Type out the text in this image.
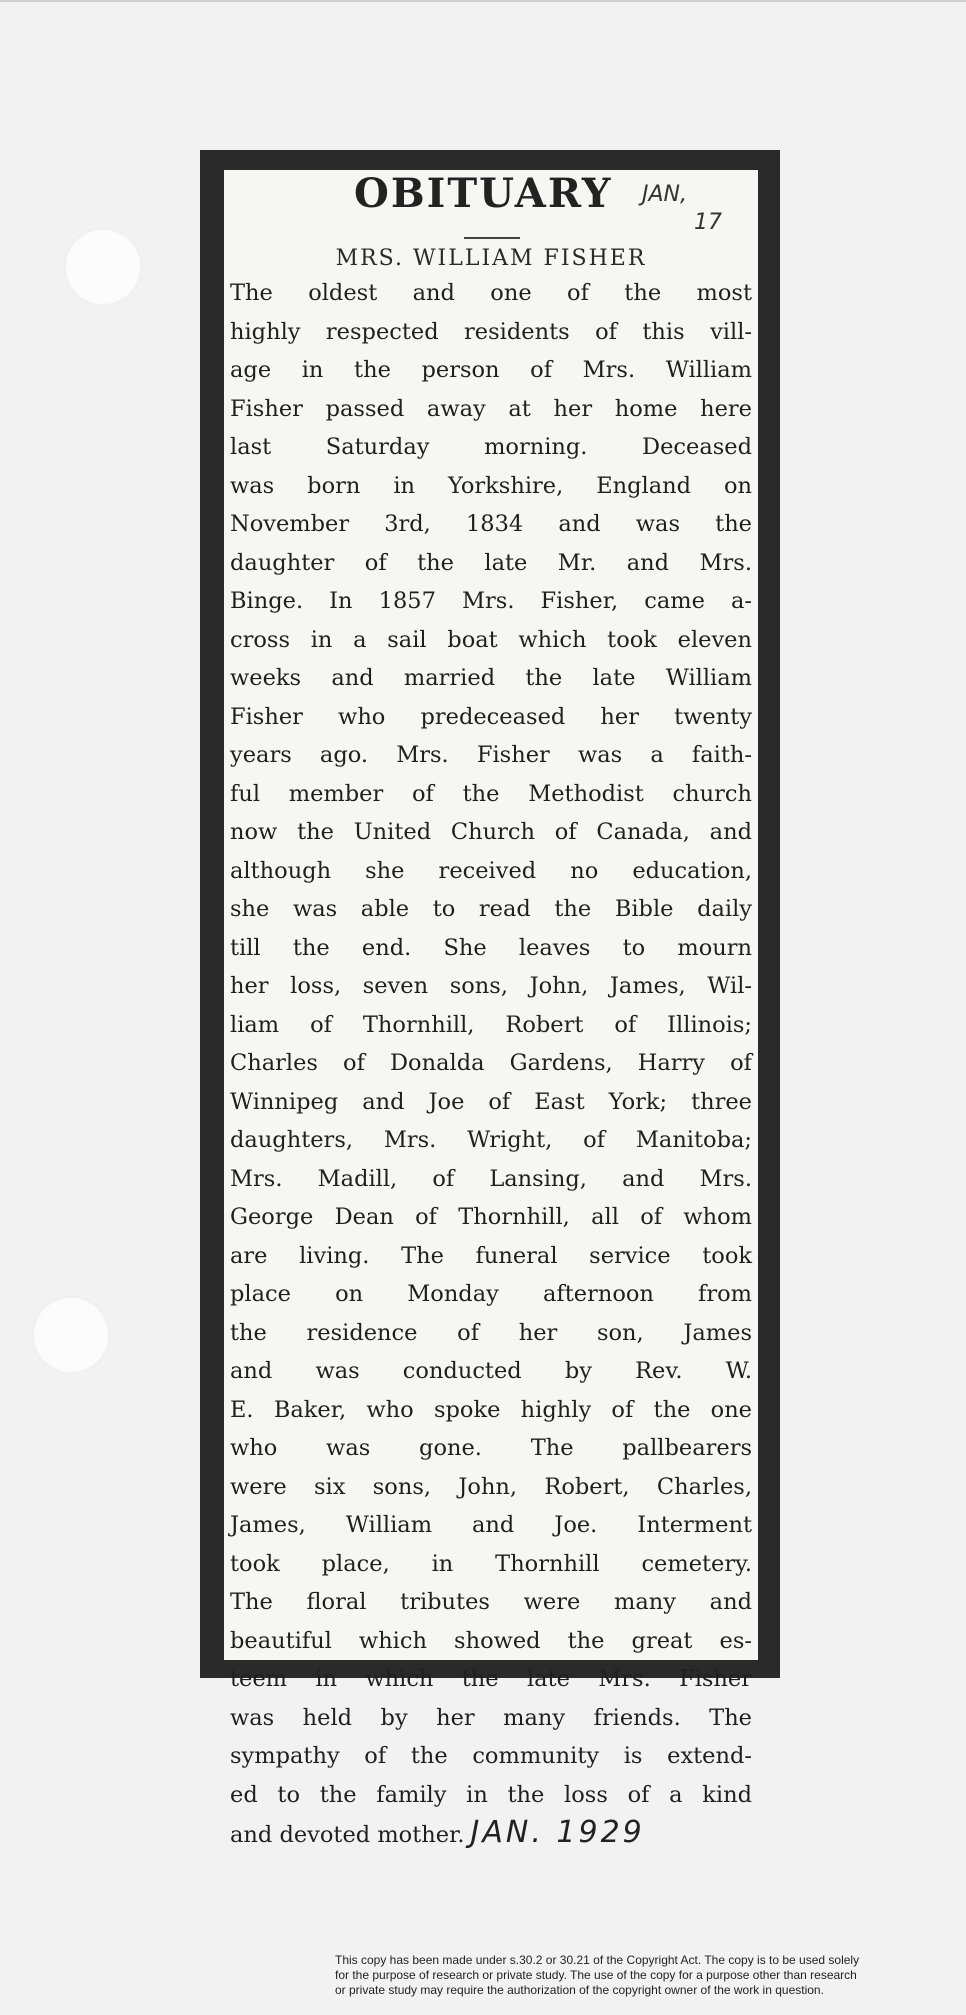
OBITUARY	JAN,
17
MRS. WILLIAM FISHER
The oldest and one of the most
highly respected residents of this vill-
age in the person of Mrs. William
Fisher passed away at her home here
last Saturday morning. Deceased
was born in Yorkshire, England on
November 3rd, 1834 and was the
daughter of the late Mr. and Mrs.
Binge. In 1857 Mrs. Fisher, came a-
cross in a sail boat which took eleven
weeks and married the late William
Fisher who predeceased her twenty
years ago. Mrs. Fisher was a faith-
ful member of the Methodist church
now the United Church of Canada, and
although she received no education,
she was able to read the Bible daily
till the end. She leaves to mourn
her loss, seven sons, John, James, Wil-
liam of Thornhill, Robert of Illinois;
Charles of Donalda Gardens, Harry of
Winnipeg and Joe of East York; three
daughters, Mrs. Wright, of Manitoba;
Mrs. Madill, of Lansing, and Mrs.
George Dean of Thornhill, all of whom
are living. The funeral service took
place on Monday afternoon from
the residence of her son, James
and was conducted by Rev. W.
E. Baker, who spoke highly of the one
who was gone. The pallbearers
were six sons, John, Robert, Charles,
James, William and Joe. Interment
took place, in Thornhill cemetery.
The floral tributes were many and
beautiful which showed the great es-
teem in which the late Mrs. Fisher
was held by her many friends. The
sympathy of the community is extend-
ed to the family in the loss of a kind
and devoted mother. JAN. 1929
This copy has been made under s.30.2 or 30.21 of the Copyright Act. The copy is to be used solely
for the purpose of research or private study. The use of the copy for a purpose other than research
or private study may require the authorization of the copyright owner of the work in question.
